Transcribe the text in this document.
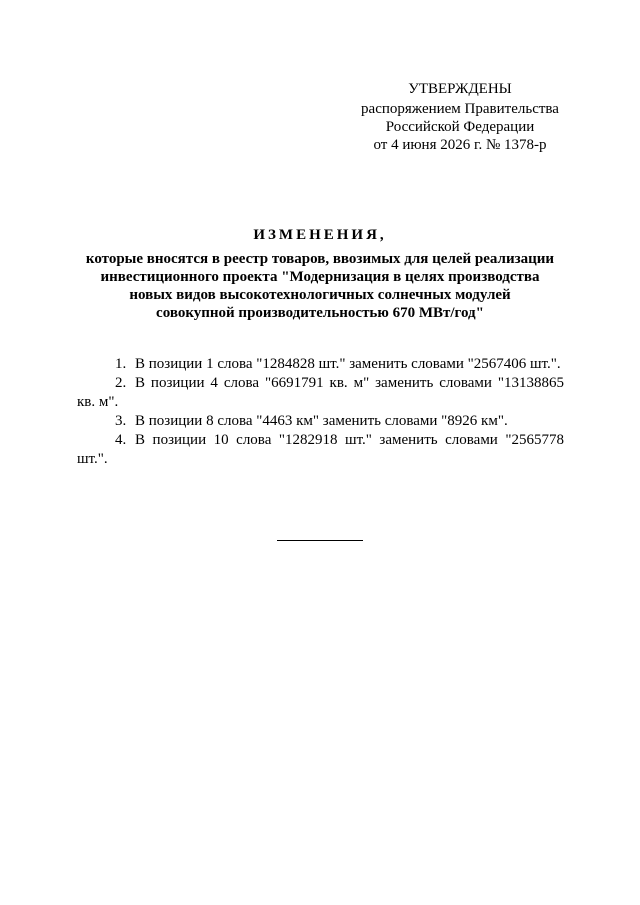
УТВЕРЖДЕНЫ
распоряжением Правительства
Российской Федерации
от 4 июня 2026 г. № 1378-р
ИЗМЕНЕНИЯ,
которые вносятся в реестр товаров, ввозимых для целей реализации
инвестиционного проекта "Модернизация в целях производства
новых видов высокотехнологичных солнечных модулей
совокупной производительностью 670 МВт/год"

1. В позиции 1 слова "1284828 шт." заменить словами "2567406 шт.".

2. В позиции 4 слова "6691791 кв. м" заменить словами "13138865 кв. м".

3. В позиции 8 слова "4463 км" заменить словами "8926 км".

4. В позиции 10 слова "1282918 шт." заменить словами "2565778 шт.".
